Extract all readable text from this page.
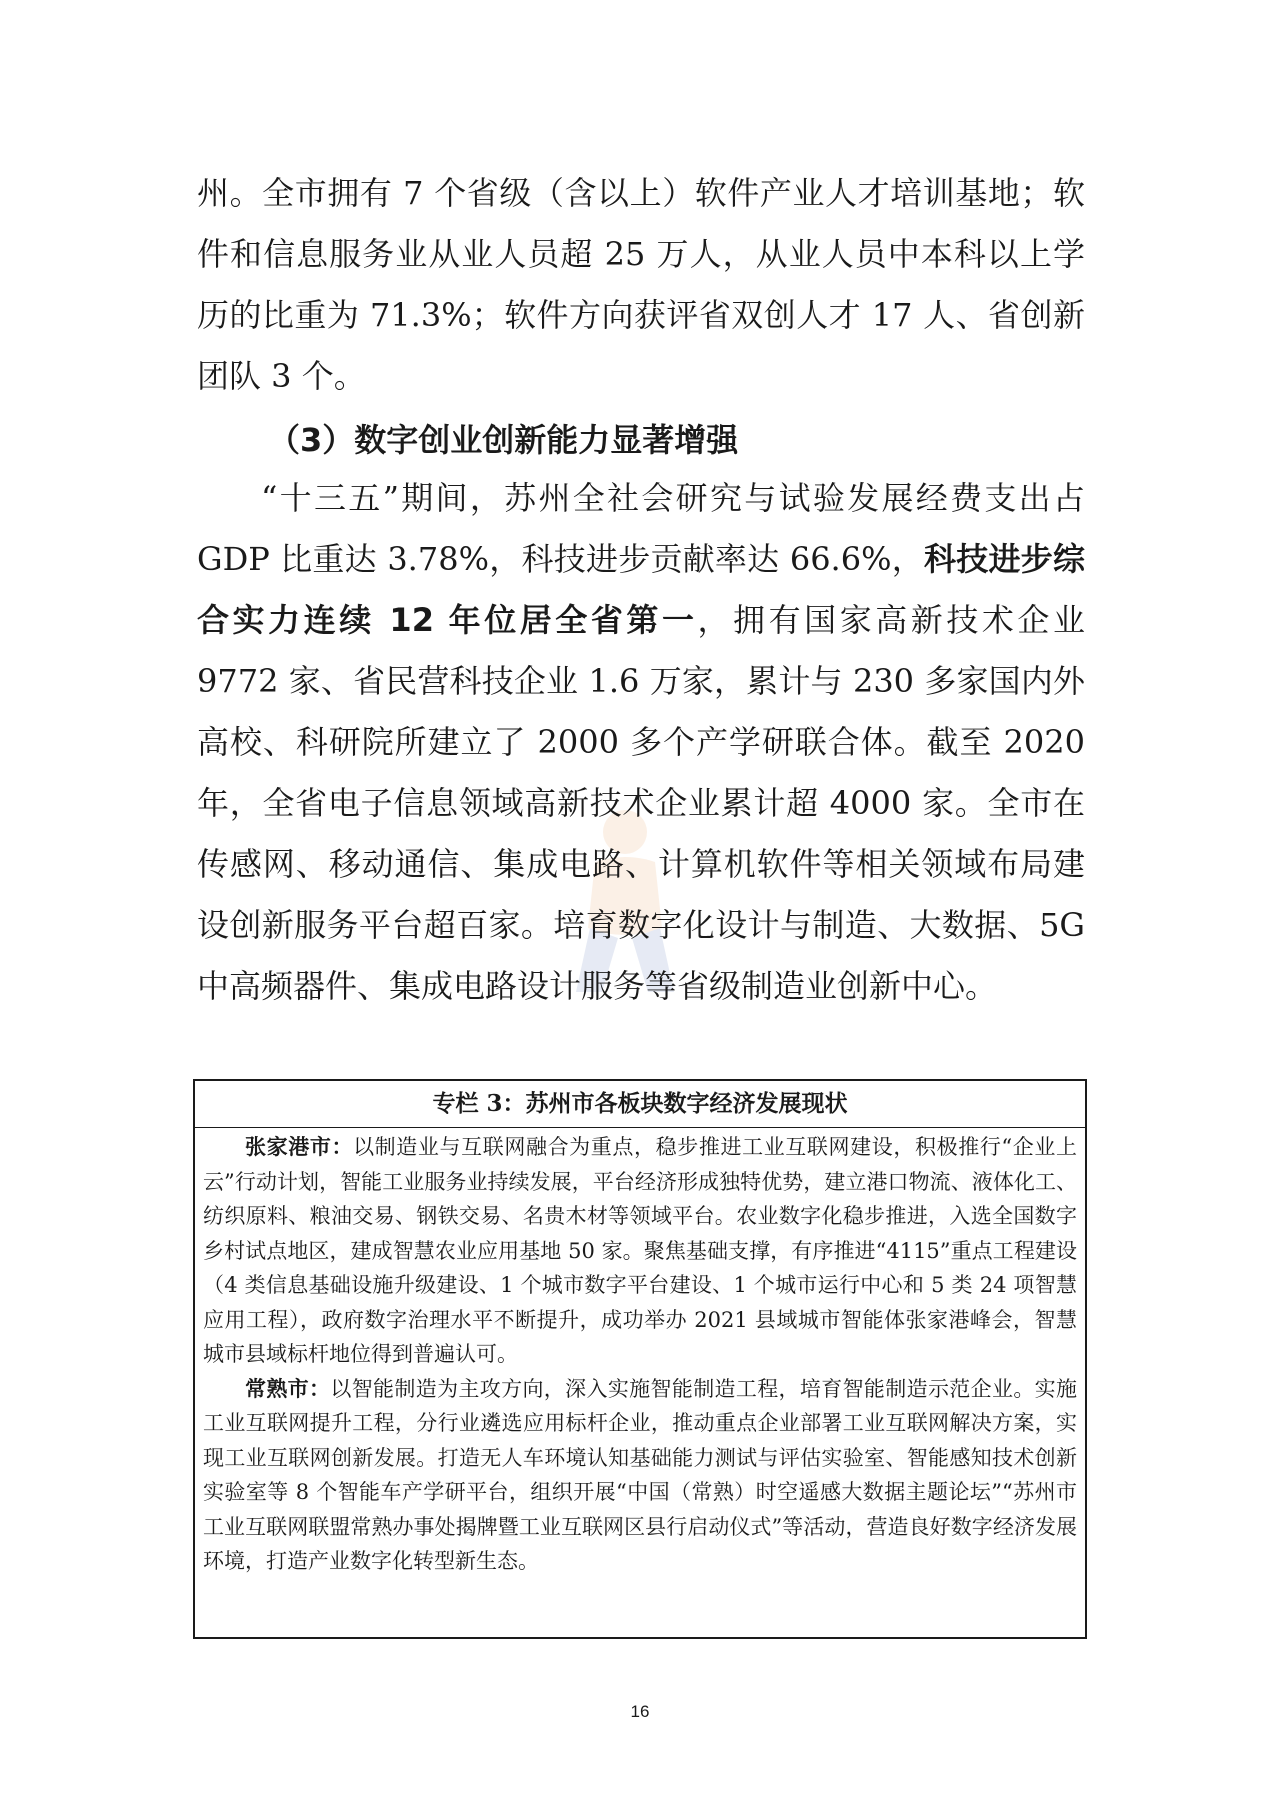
州。全市拥有 7 个省级（含以上）软件产业人才培训基地；软件和信息服务业从业人员超 25 万人，从业人员中本科以上学历的比重为 71.3%；软件方向获评省双创人才 17 人、省创新团队 3 个。
（3）数字创业创新能力显著增强
“十三五”期间，苏州全社会研究与试验发展经费支出占 GDP 比重达 3.78%，科技进步贡献率达 66.6%，科技进步综合实力连续 12 年位居全省第一，拥有国家高新技术企业 9772 家、省民营科技企业 1.6 万家，累计与 230 多家国内外高校、科研院所建立了 2000 多个产学研联合体。截至 2020 年，全省电子信息领域高新技术企业累计超 4000 家。全市在传感网、移动通信、集成电路、计算机软件等相关领域布局建设创新服务平台超百家。培育数字化设计与制造、大数据、5G 中高频器件、集成电路设计服务等省级制造业创新中心。
专栏 3：苏州市各板块数字经济发展现状

张家港市：以制造业与互联网融合为重点，稳步推进工业互联网建设，积极推行“企业上云”行动计划，智能工业服务业持续发展，平台经济形成独特优势，建立港口物流、液体化工、纺织原料、粮油交易、钢铁交易、名贵木材等领域平台。农业数字化稳步推进，入选全国数字乡村试点地区，建成智慧农业应用基地 50 家。聚焦基础支撑，有序推进“4115”重点工程建设（4 类信息基础设施升级建设、1 个城市数字平台建设、1 个城市运行中心和 5 类 24 项智慧应用工程），政府数字治理水平不断提升，成功举办 2021 县域城市智能体张家港峰会，智慧城市县域标杆地位得到普遍认可。

常熟市：以智能制造为主攻方向，深入实施智能制造工程，培育智能制造示范企业。实施工业互联网提升工程，分行业遴选应用标杆企业，推动重点企业部署工业互联网解决方案，实现工业互联网创新发展。打造无人车环境认知基础能力测试与评估实验室、智能感知技术创新实验室等 8 个智能车产学研平台，组织开展“中国（常熟）时空遥感大数据主题论坛”“苏州市工业互联网联盟常熟办事处揭牌暨工业互联网区县行启动仪式”等活动，营造良好数字经济发展环境，打造产业数字化转型新生态。

16
